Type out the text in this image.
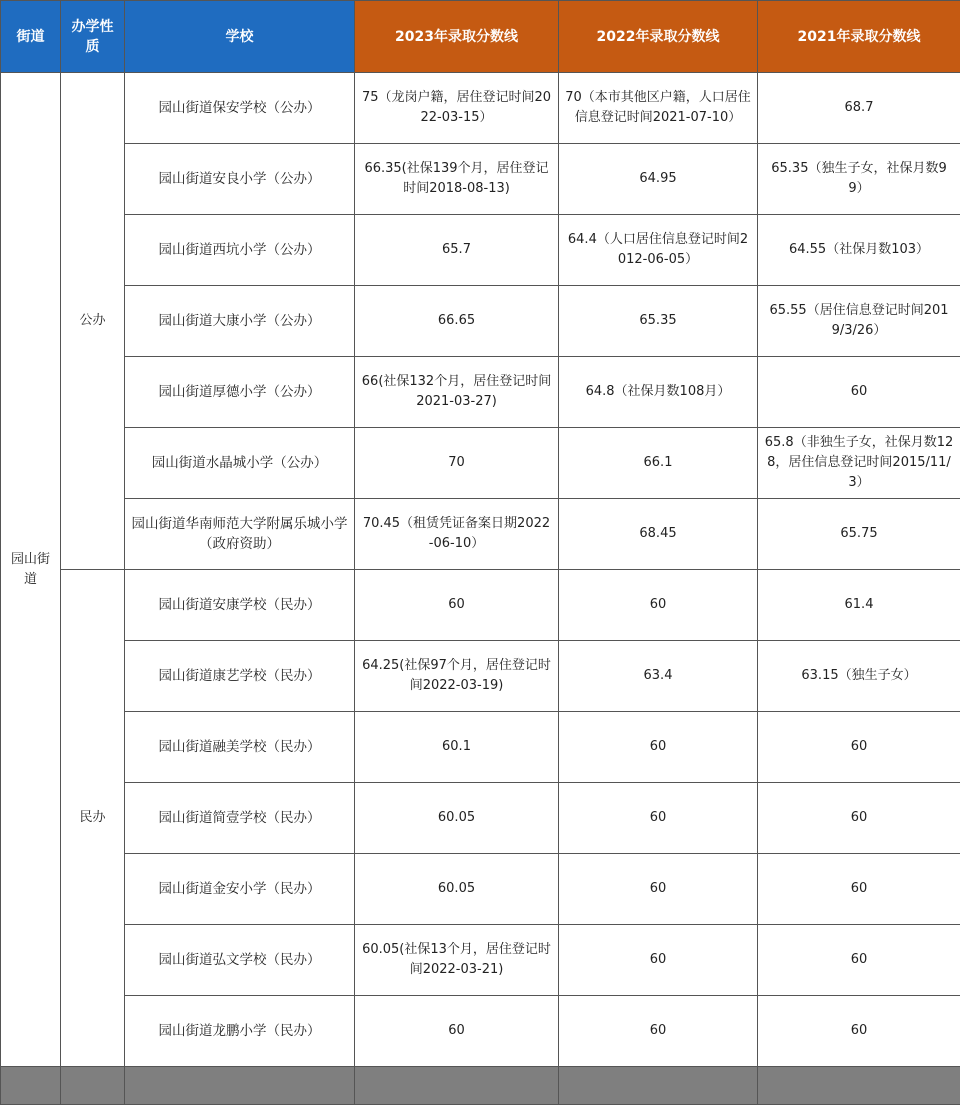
街道	办学性质	学校	2023年录取分数线	2022年录取分数线	2021年录取分数线
园山街道	公办	园山街道保安学校（公办）	75（龙岗户籍，居住登记时间2022-03-15）	70（本市其他区户籍，人口居住信息登记时间2021-07-10）	68.7
		园山街道安良小学（公办）	66.35(社保139个月，居住登记时间2018-08-13)	64.95	65.35（独生子女，社保月数99）
		园山街道西坑小学（公办）	65.7	64.4（人口居住信息登记时间2012-06-05）	64.55（社保月数103）
		园山街道大康小学（公办）	66.65	65.35	65.55（居住信息登记时间2019/3/26）
		园山街道厚德小学（公办）	66(社保132个月，居住登记时间2021-03-27)	64.8（社保月数108月）	60
		园山街道水晶城小学（公办）	70	66.1	65.8（非独生子女，社保月数128，居住信息登记时间2015/11/3）
		园山街道华南师范大学附属乐城小学（政府资助）	70.45（租赁凭证备案日期2022-06-10）	68.45	65.75
	民办	园山街道安康学校（民办）	60	60	61.4
		园山街道康艺学校（民办）	64.25(社保97个月，居住登记时间2022-03-19)	63.4	63.15（独生子女）
		园山街道融美学校（民办）	60.1	60	60
		园山街道简壹学校（民办）	60.05	60	60
		园山街道金安小学（民办）	60.05	60	60
		园山街道弘文学校（民办）	60.05(社保13个月，居住登记时间2022-03-21)	60	60
		园山街道龙鹏小学（民办）	60	60	60
